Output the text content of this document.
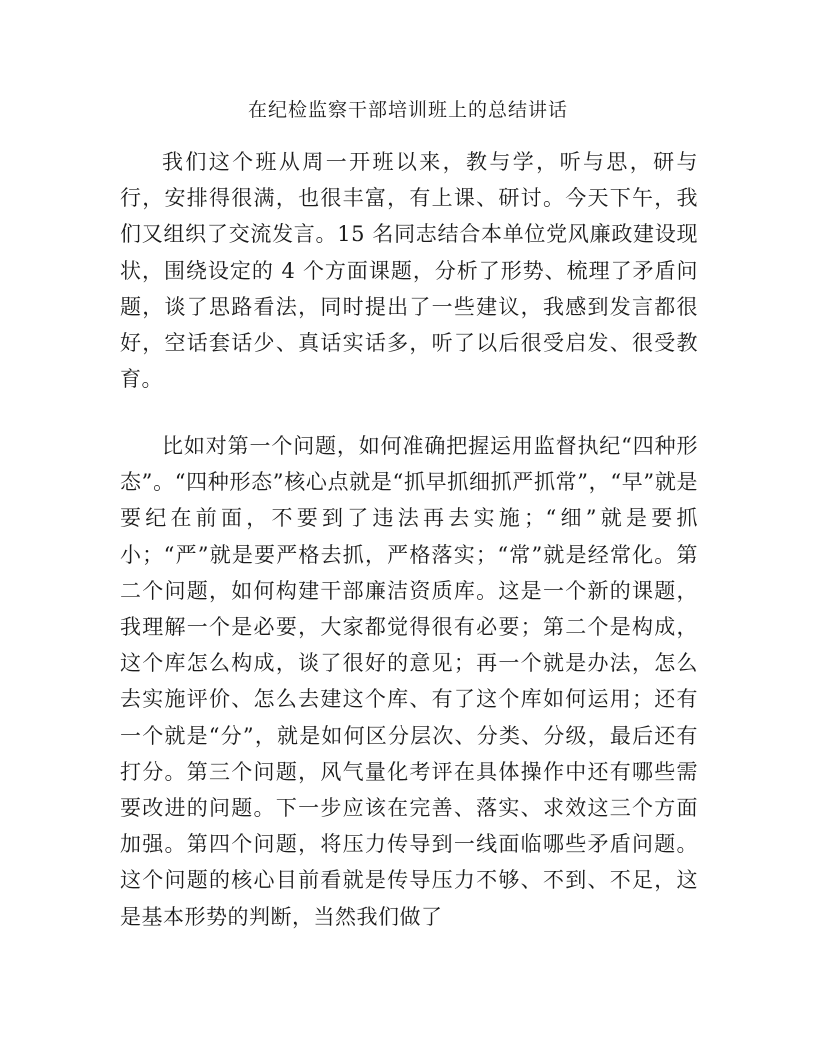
在纪检监察干部培训班上的总结讲话

我们这个班从周一开班以来，教与学，听与思，研与行，安排得很满，也很丰富，有上课、研讨。今天下午，我们又组织了交流发言。15 名同志结合本单位党风廉政建设现状，围绕设定的 4 个方面课题，分析了形势、梳理了矛盾问题，谈了思路看法，同时提出了一些建议，我感到发言都很好，空话套话少、真话实话多，听了以后很受启发、很受教育。

比如对第一个问题，如何准确把握运用监督执纪“四种形态”。“四种形态”核心点就是“抓早抓细抓严抓常”，“早”就是要纪在前面，不要到了违法再去实施；“细”就是要抓小；“严”就是要严格去抓，严格落实；“常”就是经常化。第二个问题，如何构建干部廉洁资质库。这是一个新的课题，我理解一个是必要，大家都觉得很有必要；第二个是构成，这个库怎么构成，谈了很好的意见；再一个就是办法，怎么去实施评价、怎么去建这个库、有了这个库如何运用；还有一个就是“分”，就是如何区分层次、分类、分级，最后还有打分。第三个问题，风气量化考评在具体操作中还有哪些需要改进的问题。下一步应该在完善、落实、求效这三个方面加强。第四个问题，将压力传导到一线面临哪些矛盾问题。这个问题的核心目前看就是传导压力不够、不到、不足，这是基本形势的判断，当然我们做了
